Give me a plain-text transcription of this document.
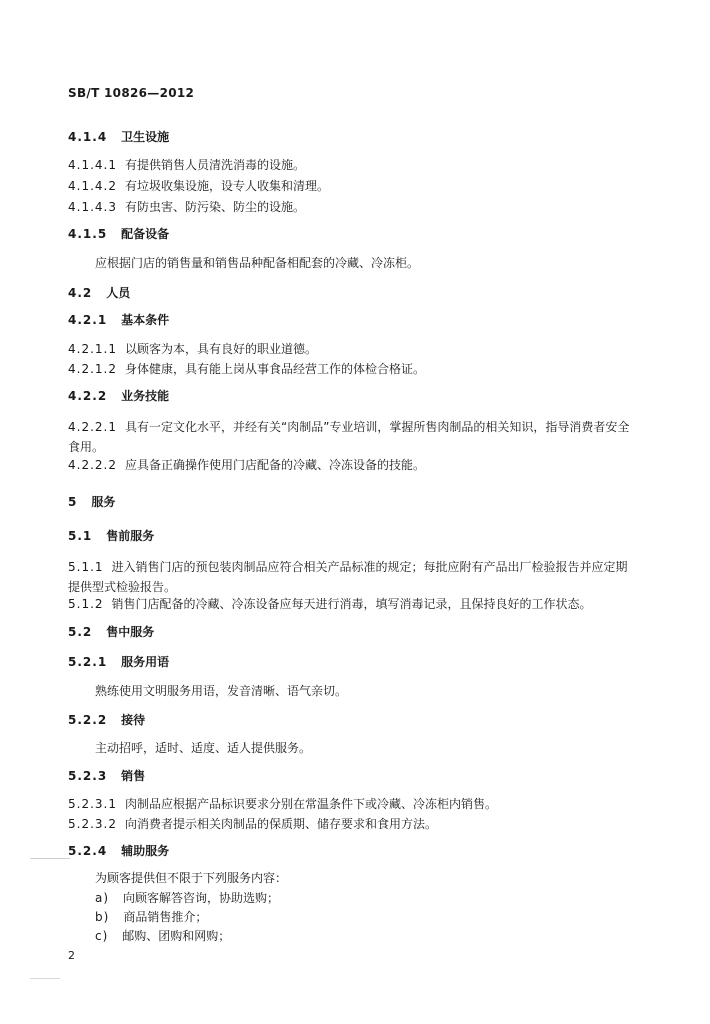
SB/T 10826—2012
4.1.4 卫生设施
4.1.4.1 有提供销售人员清洗消毒的设施。
4.1.4.2 有垃圾收集设施，设专人收集和清理。
4.1.4.3 有防虫害、防污染、防尘的设施。
4.1.5 配备设备
应根据门店的销售量和销售品种配备相配套的冷藏、冷冻柜。
4.2 人员
4.2.1 基本条件
4.2.1.1 以顾客为本，具有良好的职业道德。
4.2.1.2 身体健康，具有能上岗从事食品经营工作的体检合格证。
4.2.2 业务技能
4.2.2.1 具有一定文化水平，并经有关“肉制品”专业培训，掌握所售肉制品的相关知识，指导消费者安全食用。
4.2.2.2 应具备正确操作使用门店配备的冷藏、冷冻设备的技能。
5 服务
5.1 售前服务
5.1.1 进入销售门店的预包装肉制品应符合相关产品标准的规定；每批应附有产品出厂检验报告并应定期提供型式检验报告。
5.1.2 销售门店配备的冷藏、冷冻设备应每天进行消毒，填写消毒记录，且保持良好的工作状态。
5.2 售中服务
5.2.1 服务用语
熟练使用文明服务用语，发音清晰、语气亲切。
5.2.2 接待
主动招呼，适时、适度、适人提供服务。
5.2.3 销售
5.2.3.1 肉制品应根据产品标识要求分别在常温条件下或冷藏、冷冻柜内销售。
5.2.3.2 向消费者提示相关肉制品的保质期、储存要求和食用方法。
5.2.4 辅助服务
为顾客提供但不限于下列服务内容：
a) 向顾客解答咨询，协助选购；
b) 商品销售推介；
c) 邮购、团购和网购；
2
